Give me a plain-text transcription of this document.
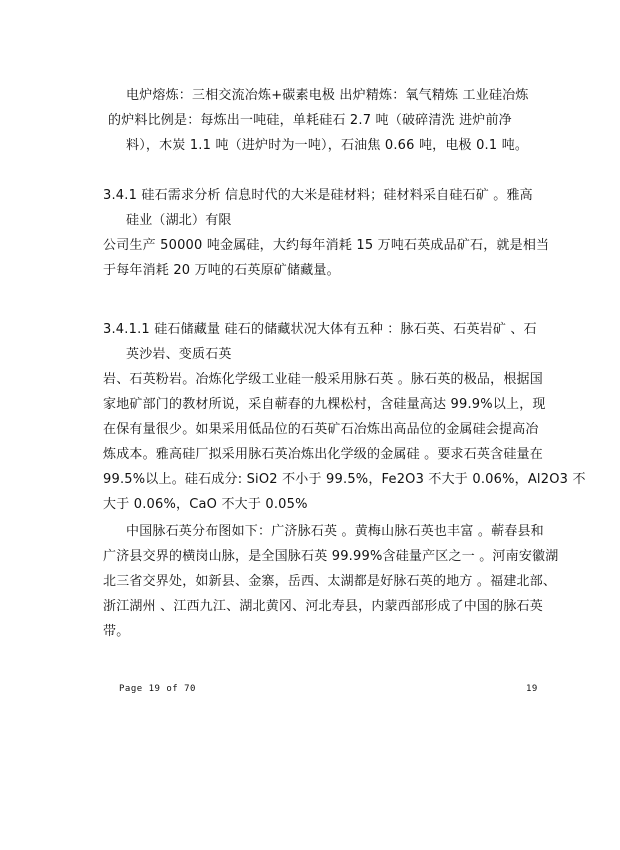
电炉熔炼：三相交流冶炼+碳素电极 出炉精炼：氧气精炼 工业硅冶炼
的炉料比例是：每炼出一吨硅，单耗硅石 2.7 吨（破碎清洗 进炉前净
料），木炭 1.1 吨（进炉时为一吨），石油焦 0.66 吨，电极 0.1 吨。
3.4.1 硅石需求分析 信息时代的大米是硅材料；硅材料采自硅石矿 。雅高
硅业（湖北）有限
公司生产 50000 吨金属硅，大约每年消耗 15 万吨石英成品矿石，就是相当
于每年消耗 20 万吨的石英原矿储藏量。
3.4.1.1 硅石储藏量 硅石的储藏状况大体有五种 ：脉石英、石英岩矿 、石
英沙岩、变质石英
岩、石英粉岩。冶炼化学级工业硅一般采用脉石英 。脉石英的极品，根据国
家地矿部门的教材所说，采自蕲春的九棵松村，含硅量高达 99.9%以上，现
在保有量很少。如果采用低品位的石英矿石冶炼出高品位的金属硅会提高冶
炼成本。雅高硅厂拟采用脉石英冶炼出化学级的金属硅 。要求石英含硅量在
99.5%以上。硅石成分: SiO2 不小于 99.5%，Fe2O3 不大于 0.06%，Al2O3 不
大于 0.06%，CaO 不大于 0.05%
中国脉石英分布图如下：广济脉石英 。黄梅山脉石英也丰富 。蕲春县和
广济县交界的横岗山脉，是全国脉石英 99.99%含硅量产区之一 。河南安徽湖
北三省交界处，如新县、金寨，岳西、太湖都是好脉石英的地方 。福建北部、
浙江湖州 、江西九江、湖北黄冈、河北寿县，内蒙西部形成了中国的脉石英
带。
Page 19 of 70	19
